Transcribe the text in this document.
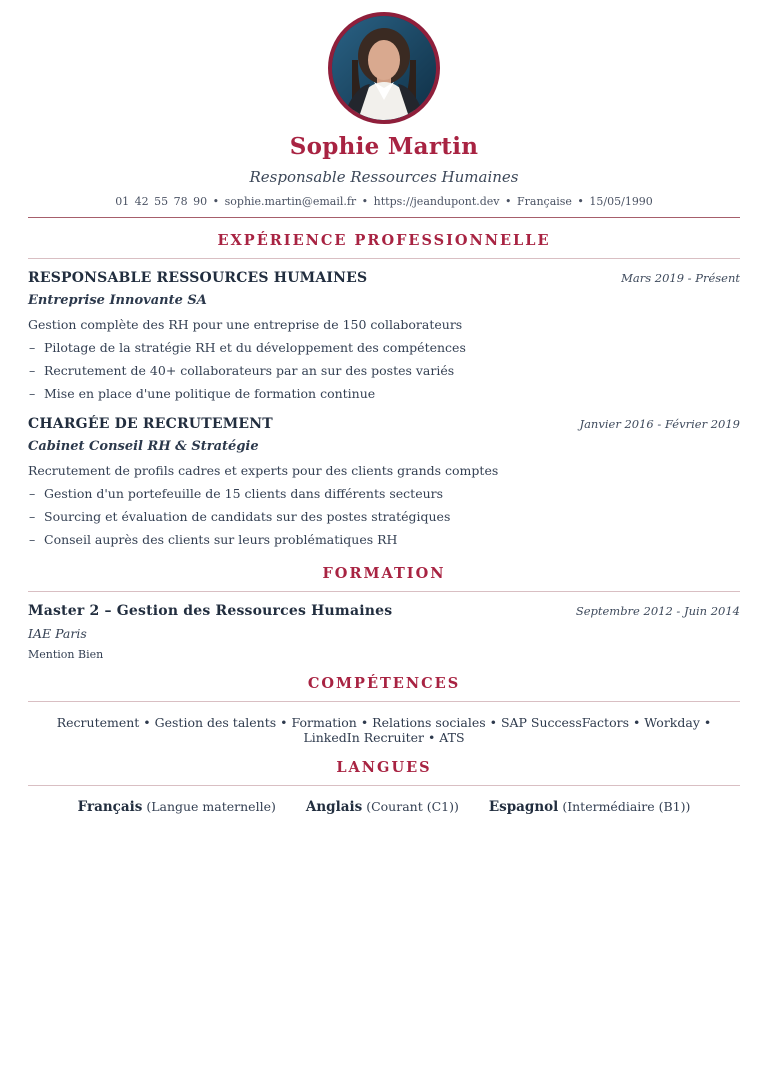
Sophie Martin
Responsable Ressources Humaines
01 42 55 78 90 • sophie.martin@email.fr • https://jeandupont.dev • Française • 15/05/1990
EXPÉRIENCE PROFESSIONNELLE
RESPONSABLE RESSOURCES HUMAINES	Mars 2019 - Présent
Entreprise Innovante SA
Gestion complète des RH pour une entreprise de 150 collaborateurs
– Pilotage de la stratégie RH et du développement des compétences
– Recrutement de 40+ collaborateurs par an sur des postes variés
– Mise en place d'une politique de formation continue
CHARGÉE DE RECRUTEMENT	Janvier 2016 - Février 2019
Cabinet Conseil RH & Stratégie
Recrutement de profils cadres et experts pour des clients grands comptes
– Gestion d'un portefeuille de 15 clients dans différents secteurs
– Sourcing et évaluation de candidats sur des postes stratégiques
– Conseil auprès des clients sur leurs problématiques RH
FORMATION
Master 2 – Gestion des Ressources Humaines	Septembre 2012 - Juin 2014
IAE Paris
Mention Bien
COMPÉTENCES
Recrutement • Gestion des talents • Formation • Relations sociales • SAP SuccessFactors • Workday • LinkedIn Recruiter • ATS
LANGUES
Français (Langue maternelle) Anglais (Courant (C1)) Espagnol (Intermédiaire (B1))
